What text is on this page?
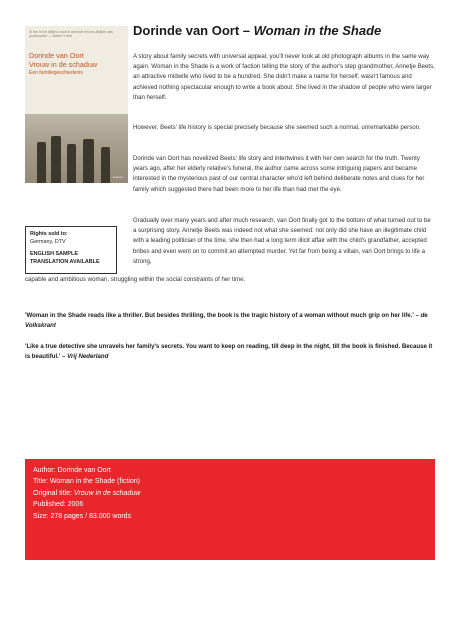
'Ik ben in het difijken, maar ik weet wie het ons afkijken was grootmoeder' — Marten 't Hart
Dorinde van Oort
Vrouw in de schaduw
Een familiegeschiedenis
Cossee
Dorinde van Oort – Woman in the Shade

A story about family secrets with universal appeal; you'll never look at old photograph albums in the same way again. Woman in the Shade is a work of faction telling the story of the author's step grandmother, Annetje Beets, an attractive midwife who lived to be a hundred. She didn't make a name for herself, wasn't famous and achieved nothing spectacular enough to write a book about. She lived in the shadow of people who were larger than herself.

However, Beets' life history is special precisely because she seemed such a normal, unremarkable person.

Dorinde van Oort has novelized Beets' life story and intertwines it with her own search for the truth. Twenty years ago, after her elderly relative's funeral, the author came across some intriguing papers and became interested in the mysterious past of our central character who'd left behind deliberate notes and clues for her family which suggested there had been more to her life than had met the eye.

Gradually over many years and after much research, van Oort finally got to the bottom of what turned out to be a surprising story. Annetje Beets was indeed not what she seemed: not only did she have an illegitimate child with a leading politician of the time, she then had a long term illicit affair with the child's grandfather, accepted bribes and even went on to commit an attempted murder. Yet far from being a villain, van Oort brings to life a strong,

capable and ambitious woman, struggling within the social constraints of her time.

Rights sold to:
Germany, DTV
ENGLISH SAMPLE
TRANSLATION AVAILABLE

'Woman in the Shade reads like a thriller. But besides thrilling, the book is the tragic history of a woman without much grip on her life.' – de Volkskrant

'Like a true detective she unravels her family's secrets. You want to keep on reading, till deep in the night, till the book is finished. Because it is beautiful.' – Vrij Nederland

Author: Dorinde van Oort
Title: Woman in the Shade (fiction)
Original title: Vrouw in de schaduw
Published: 2006
Size: 278 pages / 83.000 words
